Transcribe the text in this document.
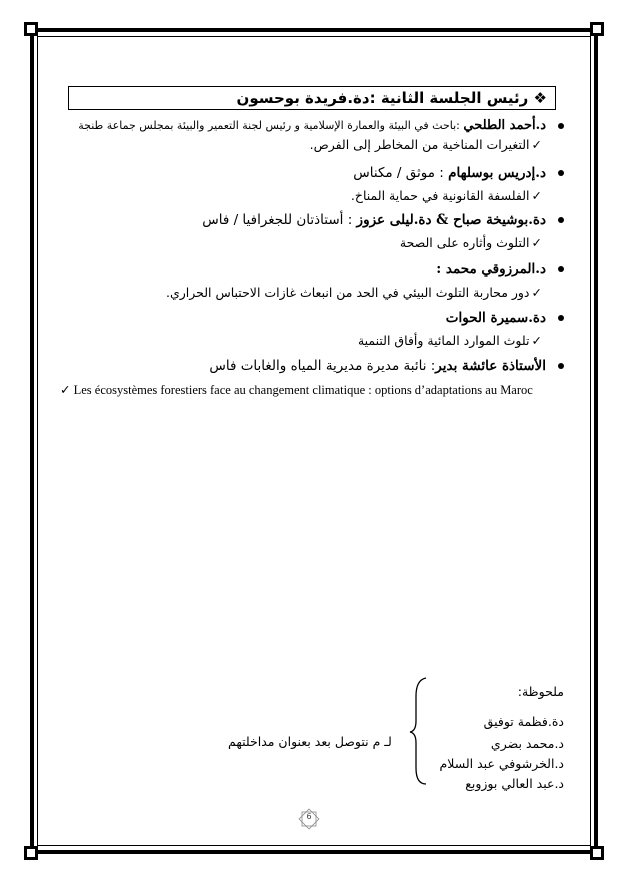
❖ رئيس الجلسة الثانية :دة.فريدة بوحسون
د.أحمد الطلحي :باحث في البيئة والعمارة الإسلامية و رئيس لجنة التعمير والبيئة بمجلس جماعة طنجة
✓التغيرات المناخية من المخاطر إلى الفرص.
د.إدريس بوسلهام : موثق / مكناس
✓الفلسفة القانونية في حماية المناخ.
دة.بوشيخة صباح & دة.ليلى عزوز : أستاذتان للجغرافيا / فاس
✓التلوث وأثاره على الصحة
د.المرزوقي محمد :
✓دور محاربة التلوث البيئي في الحد من انبعاث غازات الاحتباس الحراري.
دة.سميرة الحوات
✓تلوث الموارد المائية وأفاق التنمية
الأستاذة عائشة بدير: نائبة مديرة مديرية المياه والغابات فاس
✓ Les écosystèmes forestiers face au changement climatique : options d’adaptations au Maroc
ملحوظة:
دة.فظمة توفيق
د.محمد بضري
د.الخرشوفي عبد السلام
د.عبد العالي بوزوبع
لـ م نتوصل بعد بعنوان مداخلتهم
6
